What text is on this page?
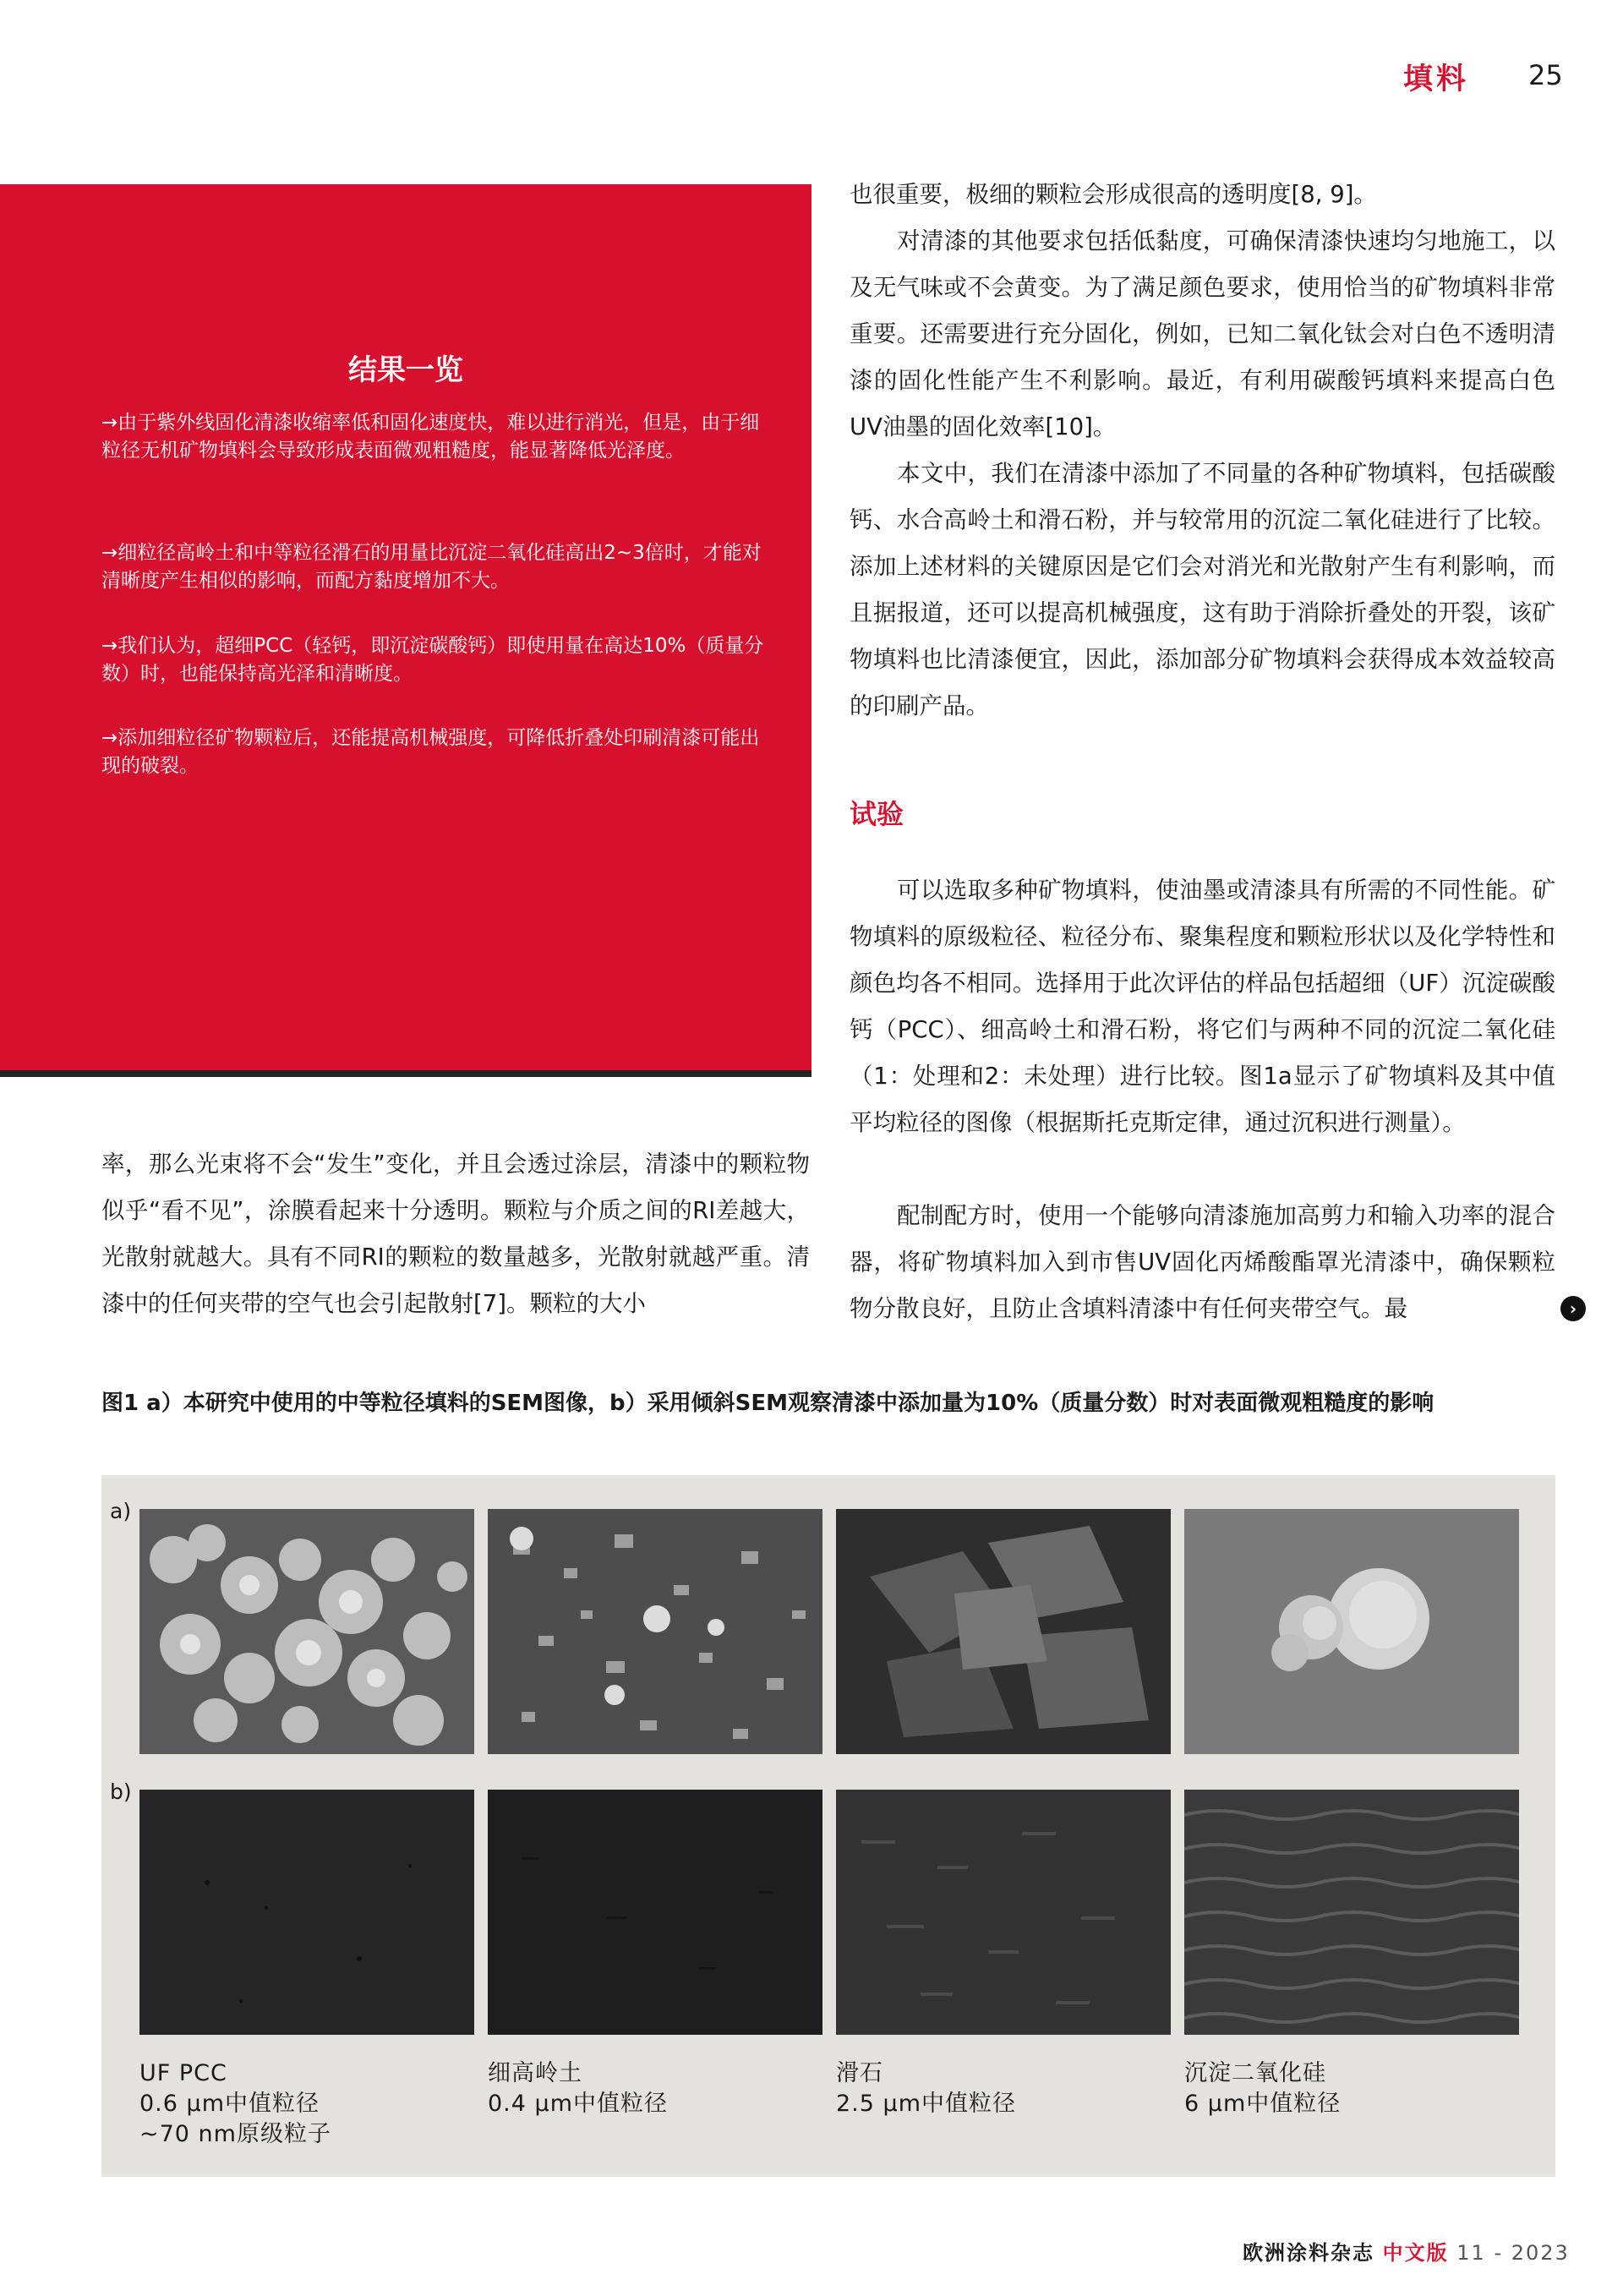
填料 25
结果一览
→由于紫外线固化清漆收缩率低和固化速度快，难以进行消光，但是，由于细粒径无机矿物填料会导致形成表面微观粗糙度，能显著降低光泽度。
→细粒径高岭土和中等粒径滑石的用量比沉淀二氧化硅高出2~3倍时，才能对清晰度产生相似的影响，而配方黏度增加不大。
→我们认为，超细PCC（轻钙，即沉淀碳酸钙）即使用量在高达10%（质量分数）时，也能保持高光泽和清晰度。
→添加细粒径矿物颗粒后，还能提高机械强度，可降低折叠处印刷清漆可能出现的破裂。
率，那么光束将不会“发生”变化，并且会透过涂层，清漆中的颗粒物似乎“看不见”，涂膜看起来十分透明。颗粒与介质之间的RI差越大，光散射就越大。具有不同RI的颗粒的数量越多，光散射就越严重。清漆中的任何夹带的空气也会引起散射[7]。颗粒的大小
也很重要，极细的颗粒会形成很高的透明度[8, 9]。
对清漆的其他要求包括低黏度，可确保清漆快速均匀地施工，以及无气味或不会黄变。为了满足颜色要求，使用恰当的矿物填料非常重要。还需要进行充分固化，例如，已知二氧化钛会对白色不透明清漆的固化性能产生不利影响。最近，有利用碳酸钙填料来提高白色UV油墨的固化效率[10]。
本文中，我们在清漆中添加了不同量的各种矿物填料，包括碳酸钙、水合高岭土和滑石粉，并与较常用的沉淀二氧化硅进行了比较。添加上述材料的关键原因是它们会对消光和光散射产生有利影响，而且据报道，还可以提高机械强度，这有助于消除折叠处的开裂，该矿物填料也比清漆便宜，因此，添加部分矿物填料会获得成本效益较高的印刷产品。
试验
可以选取多种矿物填料，使油墨或清漆具有所需的不同性能。矿物填料的原级粒径、粒径分布、聚集程度和颗粒形状以及化学特性和颜色均各不相同。选择用于此次评估的样品包括超细（UF）沉淀碳酸钙（PCC）、细高岭土和滑石粉，将它们与两种不同的沉淀二氧化硅（1：处理和2：未处理）进行比较。图1a显示了矿物填料及其中值平均粒径的图像（根据斯托克斯定律，通过沉积进行测量）。
配制配方时，使用一个能够向清漆施加高剪力和输入功率的混合器，将矿物填料加入到市售UV固化丙烯酸酯罩光清漆中，确保颗粒物分散良好，且防止含填料清漆中有任何夹带空气。最	›
图1 a）本研究中使用的中等粒径填料的SEM图像，b）采用倾斜SEM观察清漆中添加量为10%（质量分数）时对表面微观粗糙度的影响
a)
b)
UF PCC
0.6 μm中值粒径
~70 nm原级粒子
细高岭土
0.4 μm中值粒径
滑石
2.5 μm中值粒径
沉淀二氧化硅
6 μm中值粒径
欧洲涂料杂志 中文版 11 - 2023
